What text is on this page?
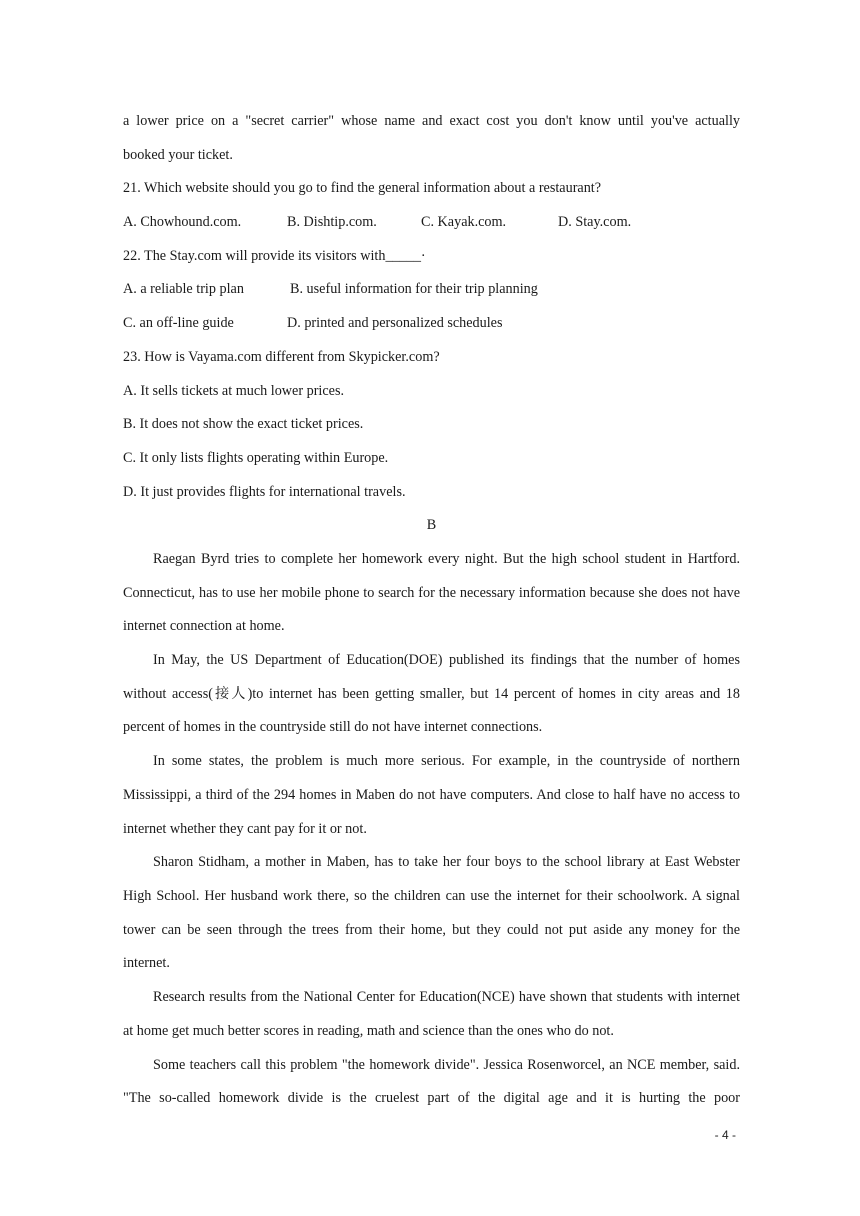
a lower price on a "secret carrier" whose name and exact cost you don't know until you've actually

booked your ticket.
21. Which website should you go to find the general information about a restaurant?
A. Chowhound.com.	B. Dishtip.com.	C. Kayak.com.	D. Stay.com.
22. The Stay.com will provide its visitors with_____·
A. a reliable trip plan	B. useful information for their trip planning
C. an off-line guide	D. printed and personalized schedules
23. How is Vayama.com different from Skypicker.com?
A. It sells tickets at much lower prices.
B. It does not show the exact ticket prices.
C. It only lists flights operating within Europe.
D. It just provides flights for international travels.
B

Raegan Byrd tries to complete her homework every night. But the high school student in Hartford. Connecticut, has to use her mobile phone to search for the necessary information because she does not have internet connection at home.

In May, the US Department of Education(DOE) published its findings that the number of homes without access(接人)to internet has been getting smaller, but 14 percent of homes in city areas and 18 percent of homes in the countryside still do not have internet connections.

In some states, the problem is much more serious. For example, in the countryside of northern Mississippi, a third of the 294 homes in Maben do not have computers. And close to half have no access to internet whether they cant pay for it or not.

Sharon Stidham, a mother in Maben, has to take her four boys to the school library at East Webster High School. Her husband work there, so the children can use the internet for their schoolwork. A signal tower can be seen through the trees from their home, but they could not put aside any money for the internet.

Research results from the National Center for Education(NCE) have shown that students with internet at home get much better scores in reading, math and science than the ones who do not.

Some teachers call this problem "the homework divide". Jessica Rosenworcel, an NCE member, said. "The so-called homework divide is the cruelest part of the digital age and it is hurting the poor

- 4 -
